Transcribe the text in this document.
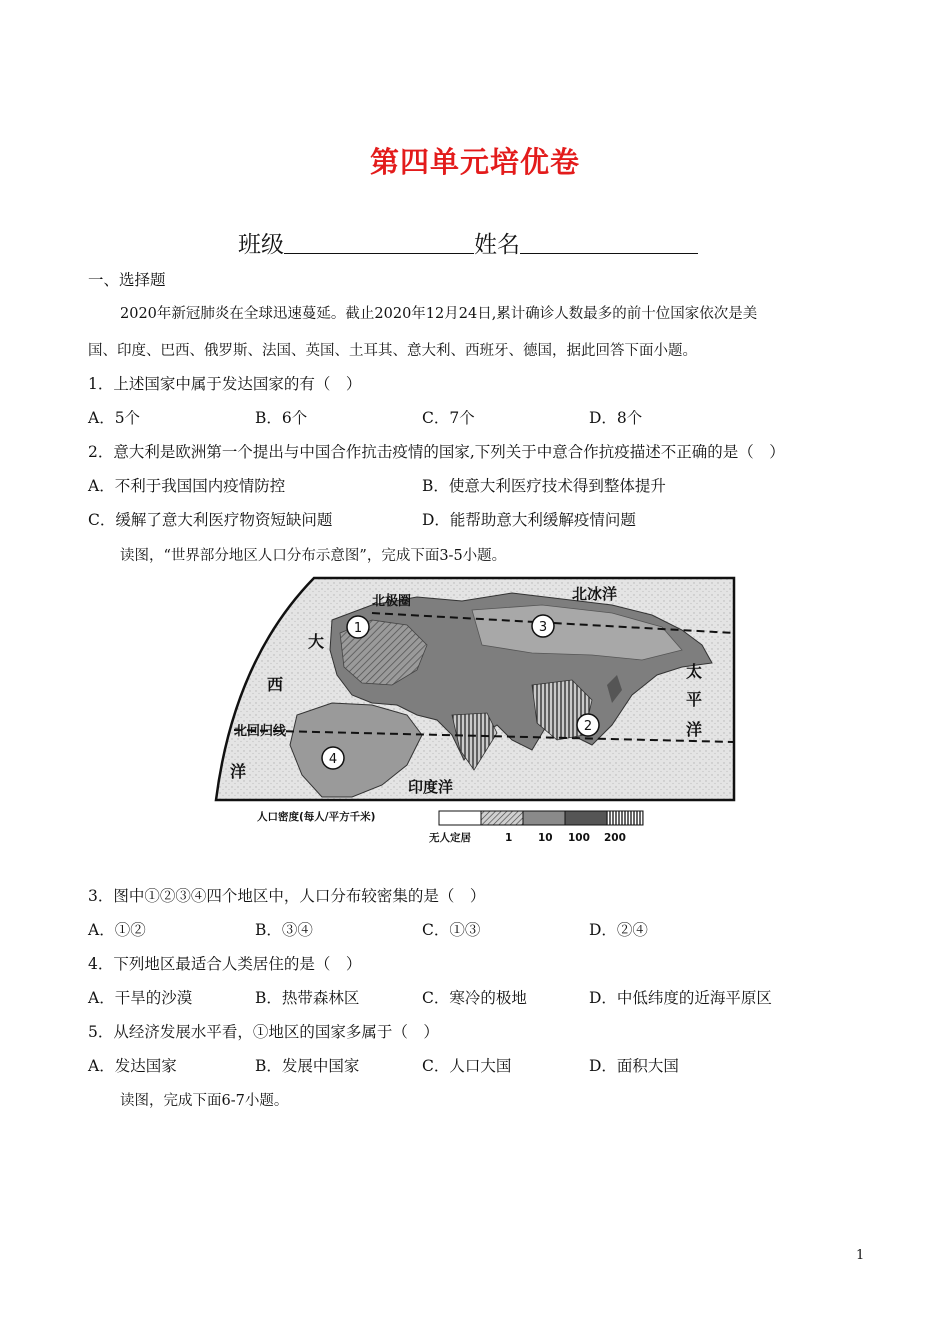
第四单元培优卷
班级	姓名
一、选择题
2020年新冠肺炎在全球迅速蔓延。截止2020年12月24日,累计确诊人数最多的前十位国家依次是美
国、印度、巴西、俄罗斯、法国、英国、土耳其、意大利、西班牙、德国，据此回答下面小题。
1．上述国家中属于发达国家的有（　）
A．5个	B．6个	C．7个	D．8个
2．意大利是欧洲第一个提出与中国合作抗击疫情的国家,下列关于中意合作抗疫描述不正确的是（　）
A．不利于我国国内疫情防控	B．使意大利医疗技术得到整体提升
C．缓解了意大利医疗物资短缺问题	D．能帮助意大利缓解疫情问题
读图，“世界部分地区人口分布示意图”，完成下面3-5小题。
北冰洋
北极圈
大
西
洋
北回归线
太
平
洋
印度洋
1	3
2
4
人口密度(每人/平方千米)
无人定居	1 10 100 200
3．图中①②③④四个地区中，人口分布较密集的是（　）
A．①②	B．③④	C．①③	D．②④
4．下列地区最适合人类居住的是（　）
A．干旱的沙漠	B．热带森林区	C．寒冷的极地	D．中低纬度的近海平原区
5．从经济发展水平看，①地区的国家多属于（　）
A．发达国家	B．发展中国家	C．人口大国	D．面积大国
读图，完成下面6-7小题。
1
